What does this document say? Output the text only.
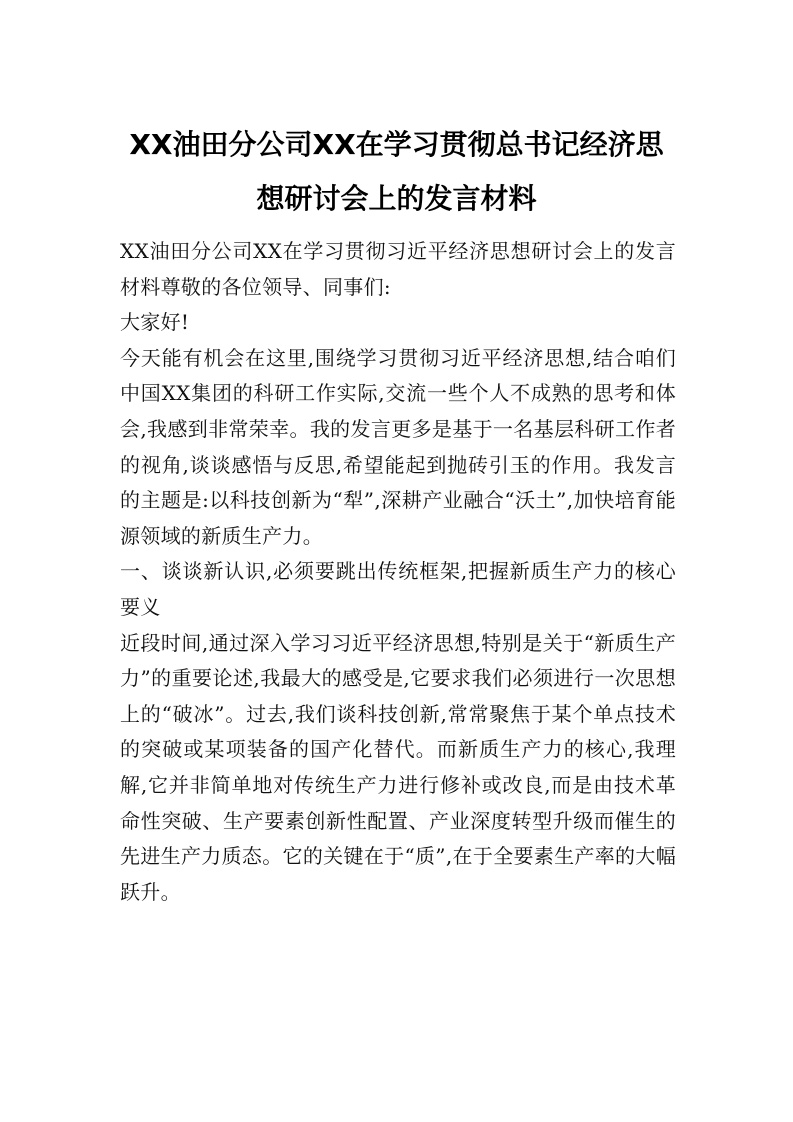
XX油田分公司XX在学习贯彻总书记经济思
想研讨会上的发言材料

XX油田分公司XX在学习贯彻习近平经济思想研讨会上的发言材料尊敬的各位领导、同事们:

大家好!

今天能有机会在这里,围绕学习贯彻习近平经济思想,结合咱们中国XX集团的科研工作实际,交流一些个人不成熟的思考和体会,我感到非常荣幸。我的发言更多是基于一名基层科研工作者的视角,谈谈感悟与反思,希望能起到抛砖引玉的作用。我发言的主题是:以科技创新为“犁”,深耕产业融合“沃土”,加快培育能源领域的新质生产力。

一、谈谈新认识,必须要跳出传统框架,把握新质生产力的核心要义

近段时间,通过深入学习习近平经济思想,特别是关于“新质生产力”的重要论述,我最大的感受是,它要求我们必须进行一次思想上的“破冰”。过去,我们谈科技创新,常常聚焦于某个单点技术的突破或某项装备的国产化替代。而新质生产力的核心,我理解,它并非简单地对传统生产力进行修补或改良,而是由技术革命性突破、生产要素创新性配置、产业深度转型升级而催生的先进生产力质态。它的关键在于“质”,在于全要素生产率的大幅跃升。
